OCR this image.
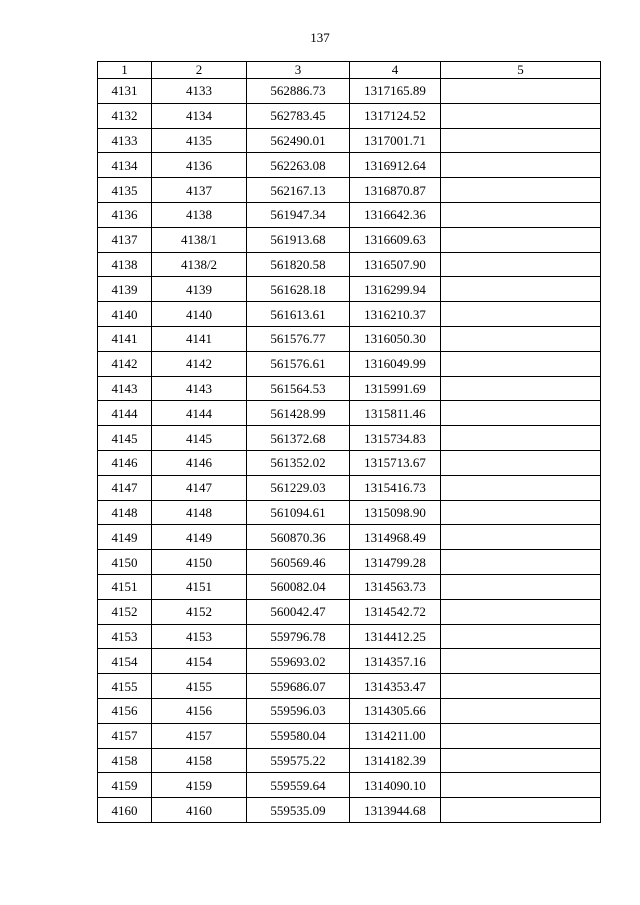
137
1	2	3	4	5
4131	4133	562886.73	1317165.89	
4132	4134	562783.45	1317124.52	
4133	4135	562490.01	1317001.71	
4134	4136	562263.08	1316912.64	
4135	4137	562167.13	1316870.87	
4136	4138	561947.34	1316642.36	
4137	4138/1	561913.68	1316609.63	
4138	4138/2	561820.58	1316507.90	
4139	4139	561628.18	1316299.94	
4140	4140	561613.61	1316210.37	
4141	4141	561576.77	1316050.30	
4142	4142	561576.61	1316049.99	
4143	4143	561564.53	1315991.69	
4144	4144	561428.99	1315811.46	
4145	4145	561372.68	1315734.83	
4146	4146	561352.02	1315713.67	
4147	4147	561229.03	1315416.73	
4148	4148	561094.61	1315098.90	
4149	4149	560870.36	1314968.49	
4150	4150	560569.46	1314799.28	
4151	4151	560082.04	1314563.73	
4152	4152	560042.47	1314542.72	
4153	4153	559796.78	1314412.25	
4154	4154	559693.02	1314357.16	
4155	4155	559686.07	1314353.47	
4156	4156	559596.03	1314305.66	
4157	4157	559580.04	1314211.00	
4158	4158	559575.22	1314182.39	
4159	4159	559559.64	1314090.10	
4160	4160	559535.09	1313944.68	
